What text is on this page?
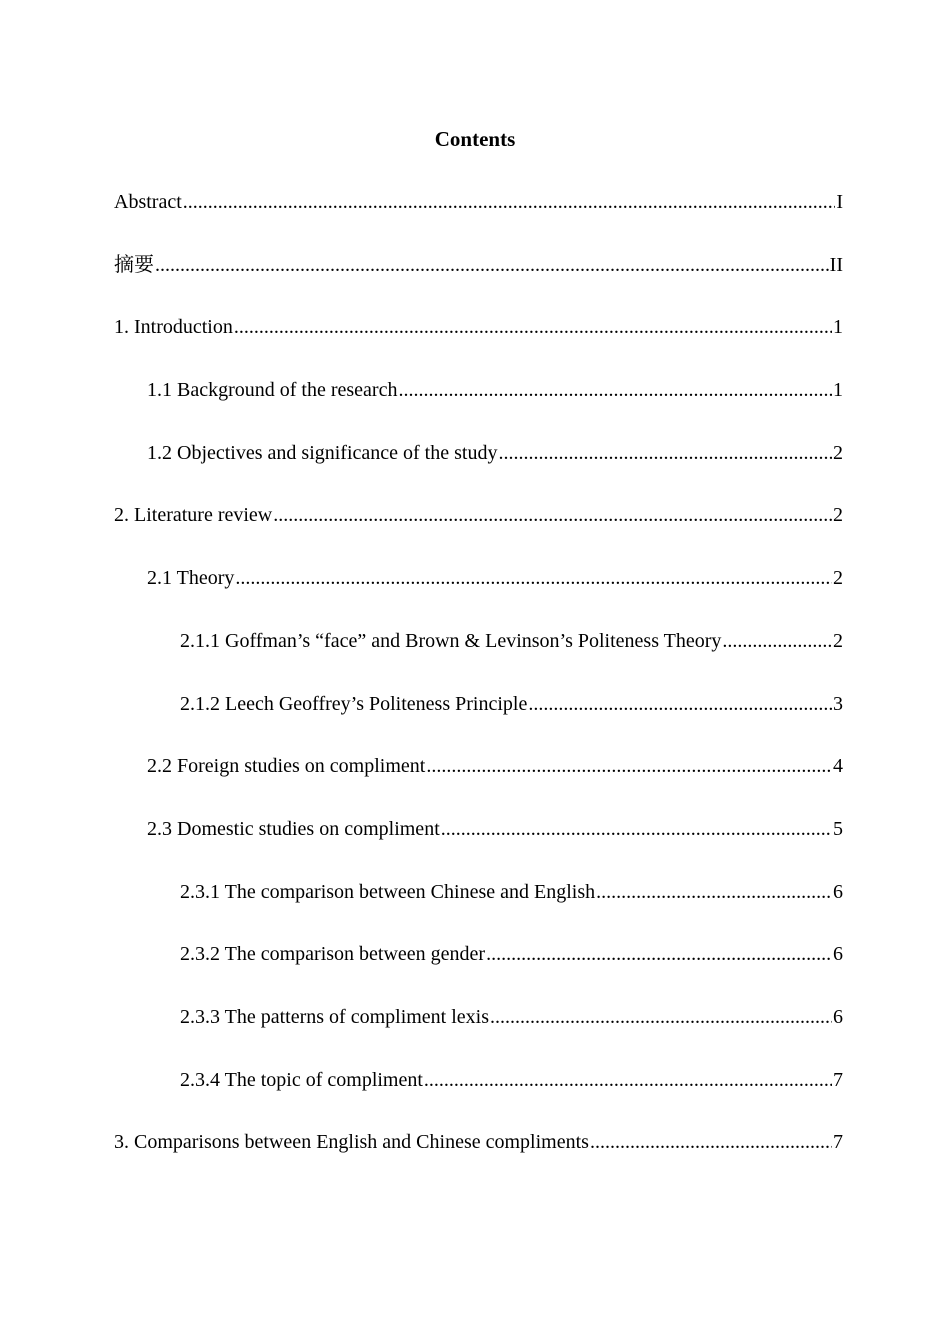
Contents
Abstract .....	I
摘要 .....	II
1. Introduction .....	1
1.1 Background of the research .....	1
1.2 Objectives and significance of the study .....	2
2. Literature review .....	2
2.1 Theory .....	2
2.1.1 Goffman’s “face” and Brown & Levinson’s Politeness Theory .....	2
2.1.2 Leech Geoffrey’s Politeness Principle .....	3
2.2 Foreign studies on compliment .....	4
2.3 Domestic studies on compliment .....	5
2.3.1 The comparison between Chinese and English .....	6
2.3.2 The comparison between gender .....	6
2.3.3 The patterns of compliment lexis .....	6
2.3.4 The topic of compliment .....	7
3. Comparisons between English and Chinese compliments .....	7
